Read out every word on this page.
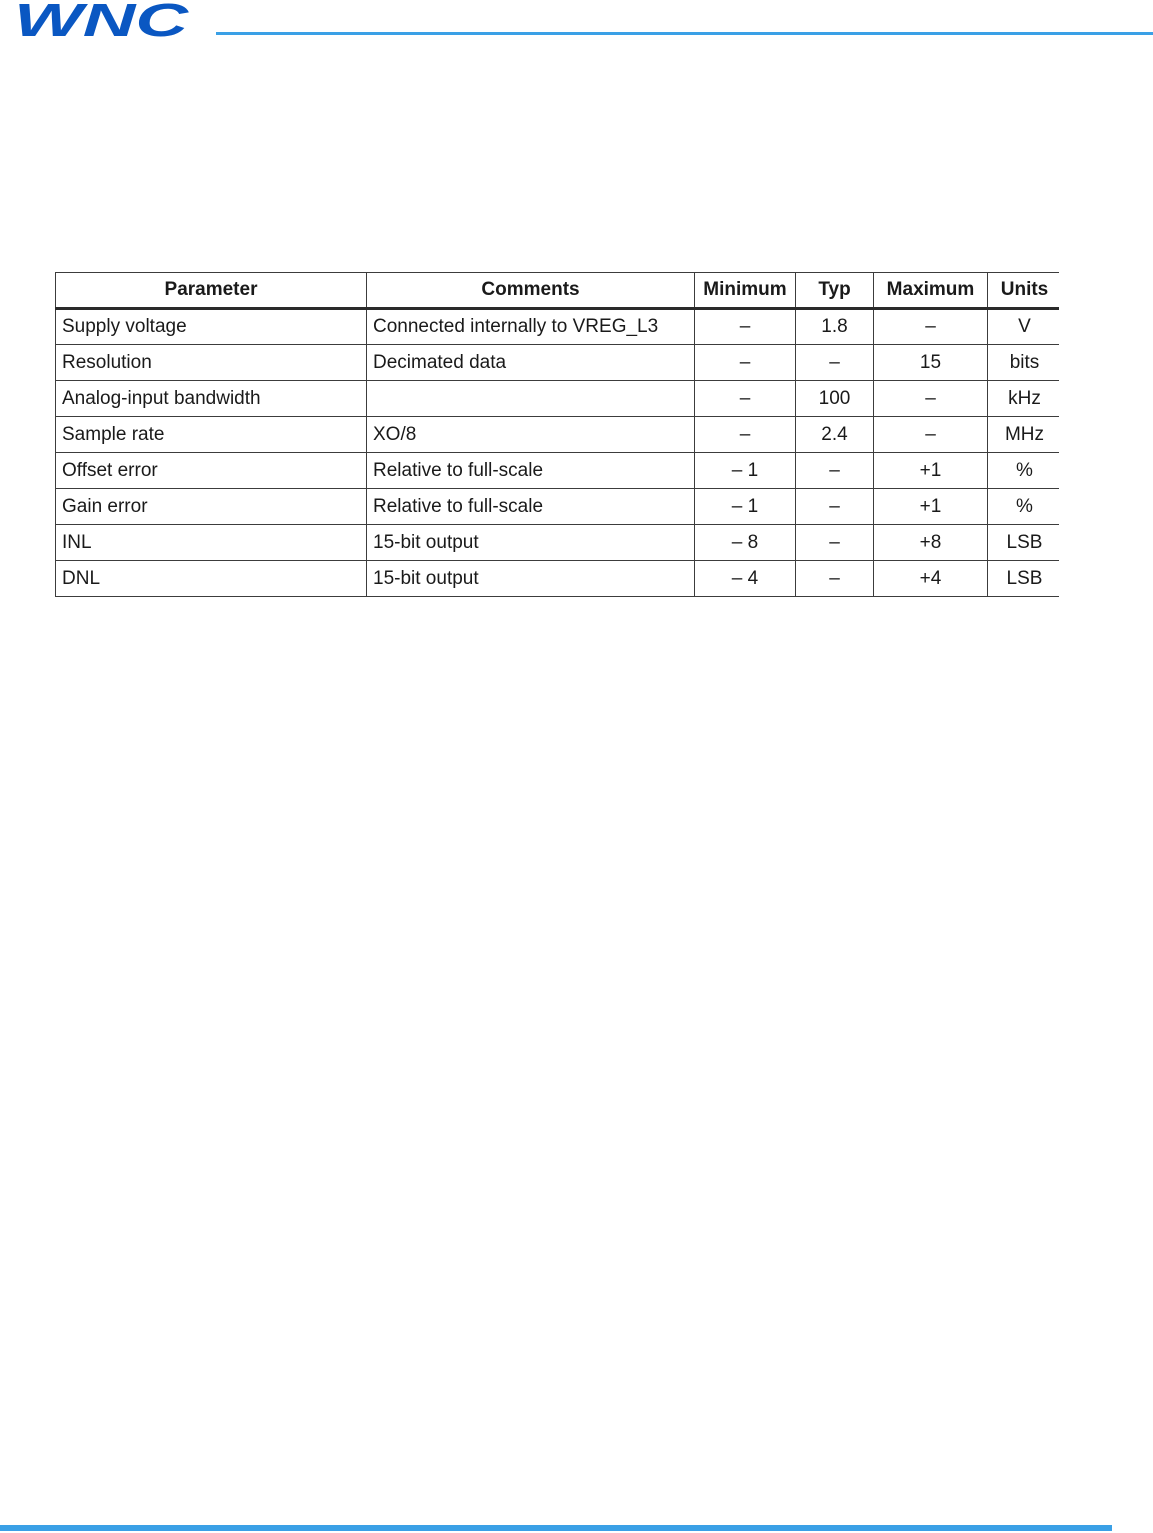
WNC
Parameter	Comments	Minimum	Typ	Maximum	Units
Supply voltage	Connected internally to VREG_L3	–	1.8	–	V
Resolution	Decimated data	–	–	15	bits
Analog-input bandwidth		–	100	–	kHz
Sample rate	XO/8	–	2.4	–	MHz
Offset error	Relative to full-scale	– 1	–	+1	%
Gain error	Relative to full-scale	– 1	–	+1	%
INL	15-bit output	– 8	–	+8	LSB
DNL	15-bit output	– 4	–	+4	LSB
